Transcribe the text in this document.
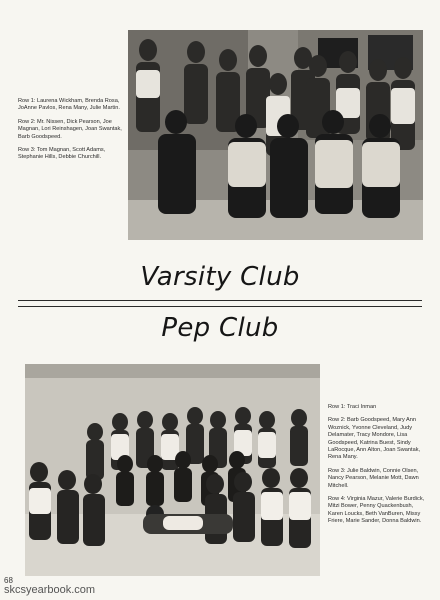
Row 1: Laurena Wickham, Brenda Rosa, JoAnne Pavlos, Rena Many, Julie Martin.

Row 2: Mr. Nissen, Dick Pearson, Joe Magnan, Lori Reinshagen, Joan Swantak, Barb Goodspeed.

Row 3: Tom Magnan, Scott Adams, Stephanie Hills, Debbie Churchill.

Varsity Club
Pep Club

Row 1: Traci Inman

Row 2: Barb Goodspeed, Mary Ann Woznick, Yvonne Cleveland, Judy Delamater, Tracy Mondore, Lisa Goodspeed, Katrina Buest, Sindy LaRocque, Ann Alton, Joan Swantak, Rena Many.

Row 3: Julie Baldwin, Connie Olsen, Nancy Pearson, Melanie Mott, Dawn Mitchell.

Row 4: Virginia Mazur, Valerie Burdick, Mitzi Bower, Penny Quackenbush, Karen Loucks, Beth VanBuren, Missy Friere, Marie Sander, Donna Baldwin.

68
skcsyearbook.com
